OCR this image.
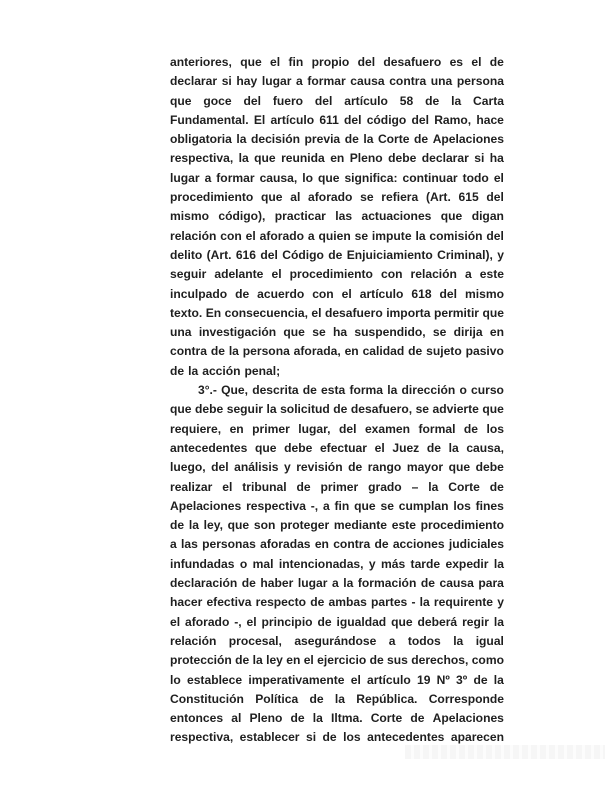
anteriores, que el fin propio del desafuero es el de
declarar si hay lugar a formar causa contra una persona
que goce del fuero del artículo 58 de la Carta
Fundamental. El artículo 611 del código del Ramo, hace
obligatoria la decisión previa de la Corte de Apelaciones
respectiva, la que reunida en Pleno debe declarar si ha
lugar a formar causa, lo que significa: continuar todo el
procedimiento que al aforado se refiera (Art. 615 del
mismo código), practicar las actuaciones que digan
relación con el aforado a quien se impute la comisión del
delito (Art. 616 del Código de Enjuiciamiento Criminal), y
seguir adelante el procedimiento con relación a este
inculpado de acuerdo con el artículo 618 del mismo
texto. En consecuencia, el desafuero importa permitir que
una investigación que se ha suspendido, se dirija en
contra de la persona aforada, en calidad de sujeto pasivo
de la acción penal;
3°.- Que, descrita de esta forma la dirección o curso
que debe seguir la solicitud de desafuero, se advierte que
requiere, en primer lugar, del examen formal de los
antecedentes que debe efectuar el Juez de la causa,
luego, del análisis y revisión de rango mayor que debe
realizar el tribunal de primer grado – la Corte de
Apelaciones respectiva -, a fin que se cumplan los fines
de la ley, que son proteger mediante este procedimiento
a las personas aforadas en contra de acciones judiciales
infundadas o mal intencionadas, y más tarde expedir la
declaración de haber lugar a la formación de causa para
hacer efectiva respecto de ambas partes - la requirente y
el aforado -, el principio de igualdad que deberá regir la
relación procesal, asegurándose a todos la igual
protección de la ley en el ejercicio de sus derechos, como
lo establece imperativamente el artículo 19 Nº 3º de la
Constitución Política de la República. Corresponde
entonces al Pleno de la Iltma. Corte de Apelaciones
respectiva, establecer si de los antecedentes aparecen
